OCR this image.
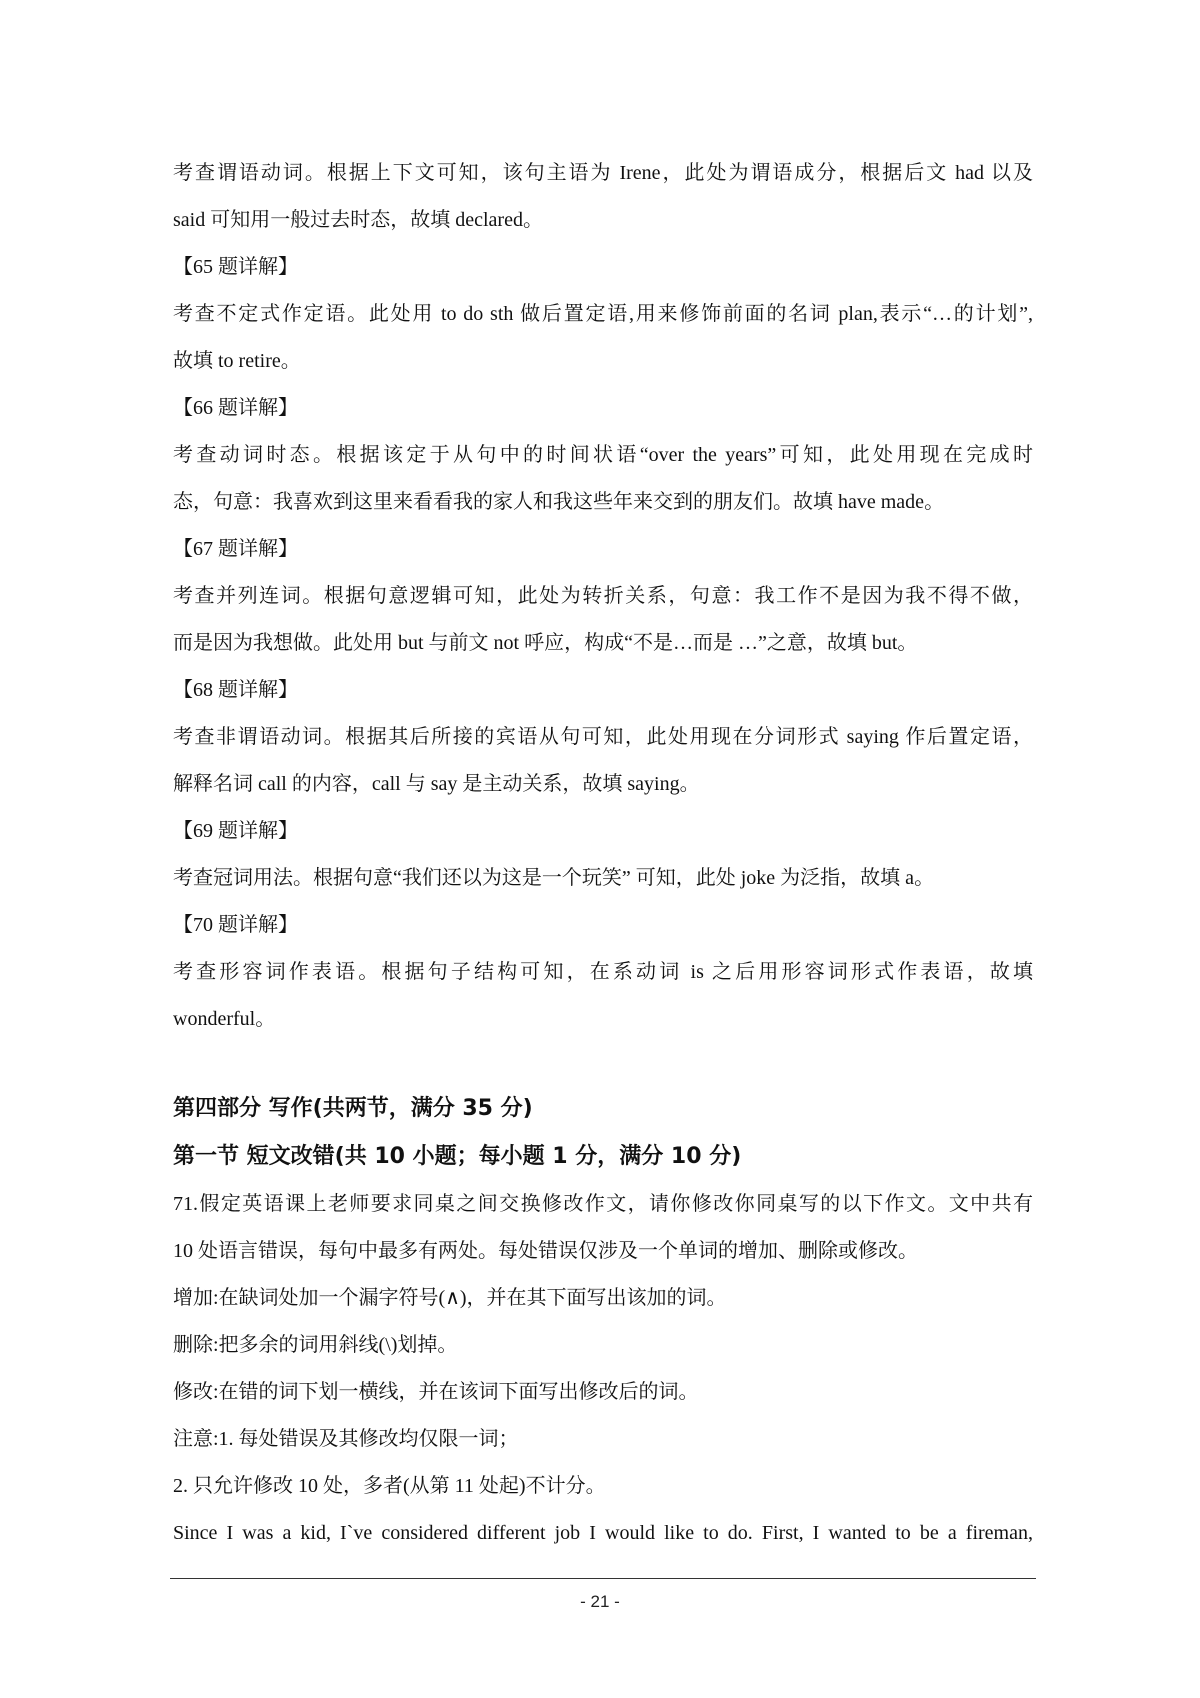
考查谓语动词。根据上下文可知，该句主语为 Irene，此处为谓语成分，根据后文 had 以及
said 可知用一般过去时态，故填 declared。
【65 题详解】
考查不定式作定语。此处用 to do sth 做后置定语,用来修饰前面的名词 plan,表示“…的计划”,
故填 to retire。
【66 题详解】
考查动词时态。根据该定于从句中的时间状语“over the years”可知，此处用现在完成时
态，句意：我喜欢到这里来看看我的家人和我这些年来交到的朋友们。故填 have made。
【67 题详解】
考查并列连词。根据句意逻辑可知，此处为转折关系，句意：我工作不是因为我不得不做，
而是因为我想做。此处用 but 与前文 not 呼应，构成“不是…而是 …”之意，故填 but。
【68 题详解】
考查非谓语动词。根据其后所接的宾语从句可知，此处用现在分词形式 saying 作后置定语，
解释名词 call 的内容，call 与 say 是主动关系，故填 saying。
【69 题详解】
考查冠词用法。根据句意“我们还以为这是一个玩笑” 可知，此处 joke 为泛指，故填 a。
【70 题详解】
考查形容词作表语。根据句子结构可知，在系动词 is 之后用形容词形式作表语，故填
wonderful。
第四部分 写作(共两节，满分 35 分)
第一节 短文改错(共 10 小题；每小题 1 分，满分 10 分)
71.假定英语课上老师要求同桌之间交换修改作文，请你修改你同桌写的以下作文。文中共有
10 处语言错误，每句中最多有两处。每处错误仅涉及一个单词的增加、删除或修改。
增加:在缺词处加一个漏字符号(∧)，并在其下面写出该加的词。
删除:把多余的词用斜线(\)划掉。
修改:在错的词下划一横线，并在该词下面写出修改后的词。
注意:1. 每处错误及其修改均仅限一词；
2. 只允许修改 10 处，多者(从第 11 处起)不计分。
Since I was a kid, I`ve considered different job I would like to do. First, I wanted to be a fireman,
- 21 -
